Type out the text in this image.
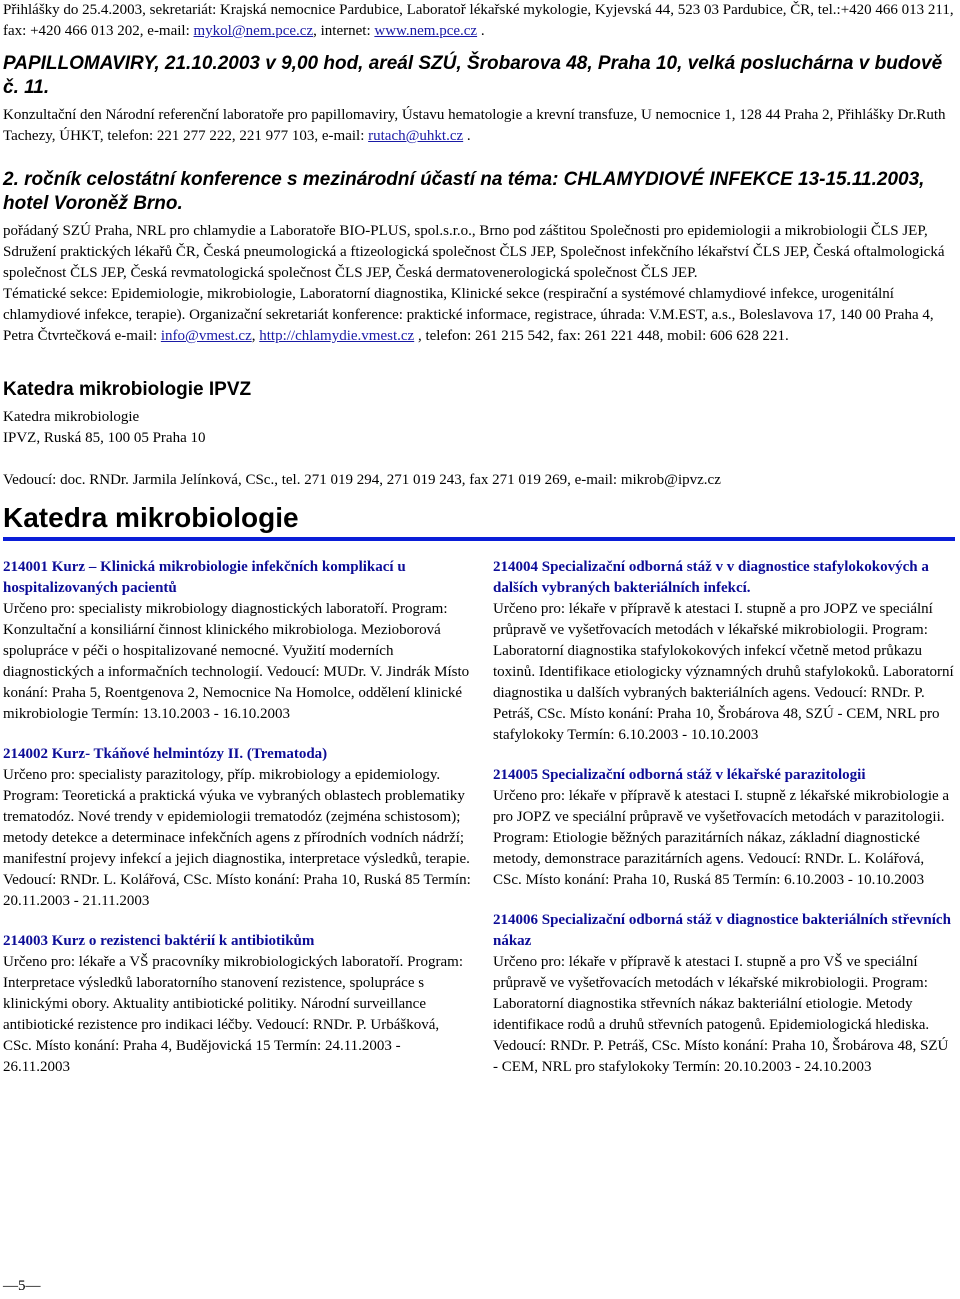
Přihlášky do 25.4.2003, sekretariát: Krajská nemocnice Pardubice, Laboratoř lékařské mykologie, Kyjevská 44, 523 03 Pardubice, ČR, tel.:+420 466 013 211, fax: +420 466 013 202, e-mail: mykol@nem.pce.cz, internet: www.nem.pce.cz .

PAPILLOMAVIRY, 21.10.2003 v 9,00 hod, areál SZÚ, Šrobarova 48, Praha 10, velká posluchárna v budově č. 11.

Konzultační den Národní referenční laboratoře pro papillomaviry, Ústavu hematologie a krevní transfuze, U nemocnice 1, 128 44 Praha 2, Přihlášky Dr.Ruth Tachezy, ÚHKT, telefon: 221 277 222, 221 977 103, e-mail: rutach@uhkt.cz .

2. ročník celostátní konference s mezinárodní účastí na téma: CHLAMYDIOVÉ INFEKCE 13-15.11.2003, hotel Voroněž Brno.

pořádaný SZÚ Praha, NRL pro chlamydie a Laboratoře BIO-PLUS, spol.s.r.o., Brno pod záštitou Společnosti pro epidemiologii a mikrobiologii ČLS JEP, Sdružení praktických lékařů ČR, Česká pneumologická a ftizeologická společnost ČLS JEP, Společnost infekčního lékařství ČLS JEP, Česká oftalmologická společnost ČLS JEP, Česká revmatologická společnost ČLS JEP, Česká dermatovenerologická společnost ČLS JEP.

Tématické sekce: Epidemiologie, mikrobiologie, Laboratorní diagnostika, Klinické sekce (respirační a systémové chlamydiové infekce, urogenitální chlamydiové infekce, terapie). Organizační sekretariát konference: praktické informace, registrace, úhrada: V.M.EST, a.s., Boleslavova 17, 140 00 Praha 4, Petra Čtvrtečková e-mail: info@vmest.cz, http://chlamydie.vmest.cz , telefon: 261 215 542, fax: 261 221 448, mobil: 606 628 221.

Katedra mikrobiologie IPVZ

Katedra mikrobiologie

IPVZ, Ruská 85, 100 05 Praha 10

Vedoucí: doc. RNDr. Jarmila Jelínková, CSc., tel. 271 019 294, 271 019 243, fax 271 019 269, e-mail: mikrob@ipvz.cz

Katedra mikrobiologie
214001 Kurz – Klinická mikrobiologie infekčních komplikací u hospitalizovaných pacientů
Určeno pro: specialisty mikrobiology diagnostických laboratoří. Program: Konzultační a konsiliární činnost klinického mikrobiologa. Mezioborová spolupráce v péči o hospitalizované nemocné. Využití moderních diagnostických a informačních technologií. Vedoucí: MUDr. V. Jindrák Místo konání: Praha 5, Roentgenova 2, Nemocnice Na Homolce, oddělení klinické mikrobiologie Termín: 13.10.2003 - 16.10.2003
214002 Kurz- Tkáňové helmintózy II. (Trematoda)
Určeno pro: specialisty parazitology, příp. mikrobiology a epidemiology. Program: Teoretická a praktická výuka ve vybraných oblastech problematiky trematodóz. Nové trendy v epidemiologii trematodóz (zejména schistosom); metody detekce a determinace infekčních agens z přírodních vodních nádrží; manifestní projevy infekcí a jejich diagnostika, interpretace výsledků, terapie. Vedoucí: RNDr. L. Kolářová, CSc. Místo konání: Praha 10, Ruská 85 Termín: 20.11.2003 - 21.11.2003
214003 Kurz o rezistenci baktérií k antibiotikům
Určeno pro: lékaře a VŠ pracovníky mikrobiologických laboratoří. Program: Interpretace výsledků laboratorního stanovení rezistence, spolupráce s klinickými obory. Aktuality antibiotické politiky. Národní surveillance antibiotické rezistence pro indikaci léčby. Vedoucí: RNDr. P. Urbášková, CSc. Místo konání: Praha 4, Budějovická 15 Termín: 24.11.2003 - 26.11.2003
214004 Specializační odborná stáž v v diagnostice stafylokokových a dalších vybraných bakteriálních infekcí.
Určeno pro: lékaře v přípravě k atestaci I. stupně a pro JOPZ ve speciální průpravě ve vyšetřovacích metodách v lékařské mikrobiologii. Program: Laboratorní diagnostika stafylokokových infekcí včetně metod průkazu toxinů. Identifikace etiologicky významných druhů stafylokoků. Laboratorní diagnostika u dalších vybraných bakteriálních agens. Vedoucí: RNDr. P. Petráš, CSc. Místo konání: Praha 10, Šrobárova 48, SZÚ - CEM, NRL pro stafylokoky Termín: 6.10.2003 - 10.10.2003
214005 Specializační odborná stáž v lékařské parazitologii
Určeno pro: lékaře v přípravě k atestaci I. stupně z lékařské mikrobiologie a pro JOPZ ve speciální průpravě ve vyšetřovacích metodách v parazitologii. Program: Etiologie běžných parazitárních nákaz, základní diagnostické metody, demonstrace parazitárních agens. Vedoucí: RNDr. L. Kolářová, CSc. Místo konání: Praha 10, Ruská 85 Termín: 6.10.2003 - 10.10.2003
214006 Specializační odborná stáž v diagnostice bakteriálních střevních nákaz
Určeno pro: lékaře v přípravě k atestaci I. stupně a pro VŠ ve speciální průpravě ve vyšetřovacích metodách v lékařské mikrobiologii. Program: Laboratorní diagnostika střevních nákaz bakteriální etiologie. Metody identifikace rodů a druhů střevních patogenů. Epidemiologická hlediska. Vedoucí: RNDr. P. Petráš, CSc. Místo konání: Praha 10, Šrobárova 48, SZÚ - CEM, NRL pro stafylokoky Termín: 20.10.2003 - 24.10.2003
—5—
